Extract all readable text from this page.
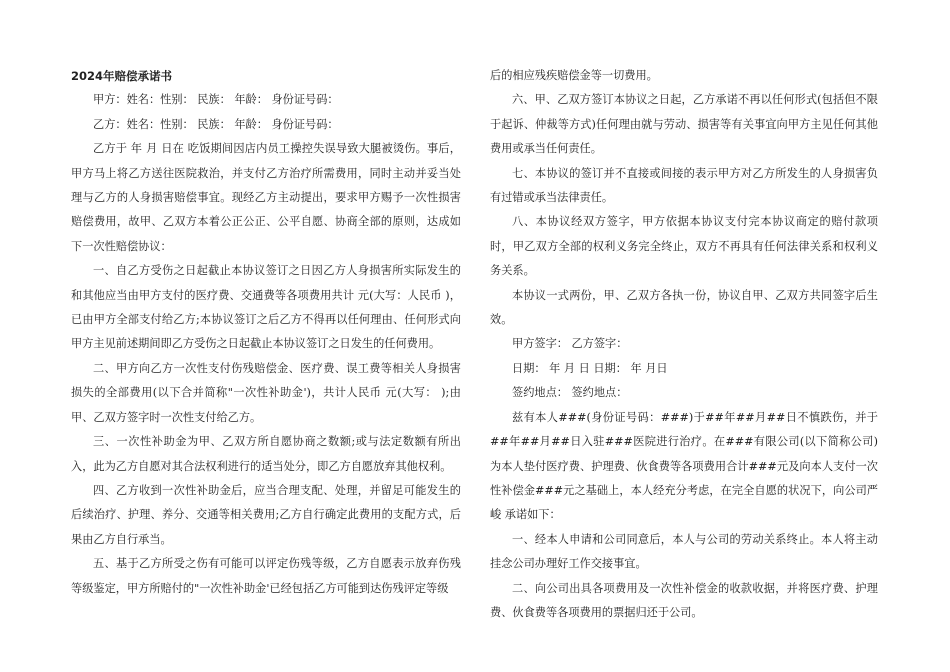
2024年赔偿承诺书

甲方：姓名：性别： 民族： 年龄： 身份证号码：

乙方：姓名：性别： 民族： 年龄： 身份证号码：

乙方于 年 月 日在 吃饭期间因店内员工操控失误导致大腿被烫伤。事后，甲方马上将乙方送往医院救治，并支付乙方治疗所需费用，同时主动并妥当处理与乙方的人身损害赔偿事宜。现经乙方主动提出，要求甲方赐予一次性损害赔偿费用，故甲、乙双方本着公正公正、公平自愿、协商全部的原则，达成如下一次性赔偿协议：

一、自乙方受伤之日起截止本协议签订之日因乙方人身损害所实际发生的和其他应当由甲方支付的医疗费、交通费等各项费用共计 元(大写：人民币 )，已由甲方全部支付给乙方;本协议签订之后乙方不得再以任何理由、任何形式向甲方主见前述期间即乙方受伤之日起截止本协议签订之日发生的任何费用。

二、甲方向乙方一次性支付伤残赔偿金、医疗费、误工费等相关人身损害损失的全部费用(以下合并简称"一次性补助金')，共计人民币 元(大写： );由甲、乙双方签字时一次性支付给乙方。

三、一次性补助金为甲、乙双方所自愿协商之数额;或与法定数额有所出入，此为乙方自愿对其合法权利进行的适当处分，即乙方自愿放弃其他权利。

四、乙方收到一次性补助金后，应当合理支配、处理，并留足可能发生的后续治疗、护理、养分、交通等相关费用;乙方自行确定此费用的支配方式，后果由乙方自行承当。

五、基于乙方所受之伤有可能可以评定伤残等级，乙方自愿表示放弃伤残等级鉴定，甲方所赔付的"一次性补助金'已经包括乙方可能到达伤残评定等级

后的相应残疾赔偿金等一切费用。

六、甲、乙双方签订本协议之日起，乙方承诺不再以任何形式(包括但不限于起诉、仲裁等方式)任何理由就与劳动、损害等有关事宜向甲方主见任何其他费用或承当任何责任。

七、本协议的签订并不直接或间接的表示甲方对乙方所发生的人身损害负有过错或承当法律责任。

八、本协议经双方签字，甲方依据本协议支付完本协议商定的赔付款项时，甲乙双方全部的权利义务完全终止，双方不再具有任何法律关系和权利义务关系。

本协议一式两份，甲、乙双方各执一份，协议自甲、乙双方共同签字后生效。

甲方签字： 乙方签字：

日期： 年 月 日 日期： 年 月日

签约地点： 签约地点：

兹有本人###(身份证号码：###)于##年##月##日不慎跌伤，并于##年##月##日入驻###医院进行治疗。在###有限公司(以下简称公司)为本人垫付医疗费、护理费、伙食费等各项费用合计###元及向本人支付一次性补偿金###元之基础上，本人经充分考虑，在完全自愿的状况下，向公司严峻 承诺如下：

一、经本人申请和公司同意后，本人与公司的劳动关系终止。本人将主动挂念公司办理好工作交接事宜。

二、向公司出具各项费用及一次性补偿金的收款收据，并将医疗费、护理费、伙食费等各项费用的票据归还于公司。
